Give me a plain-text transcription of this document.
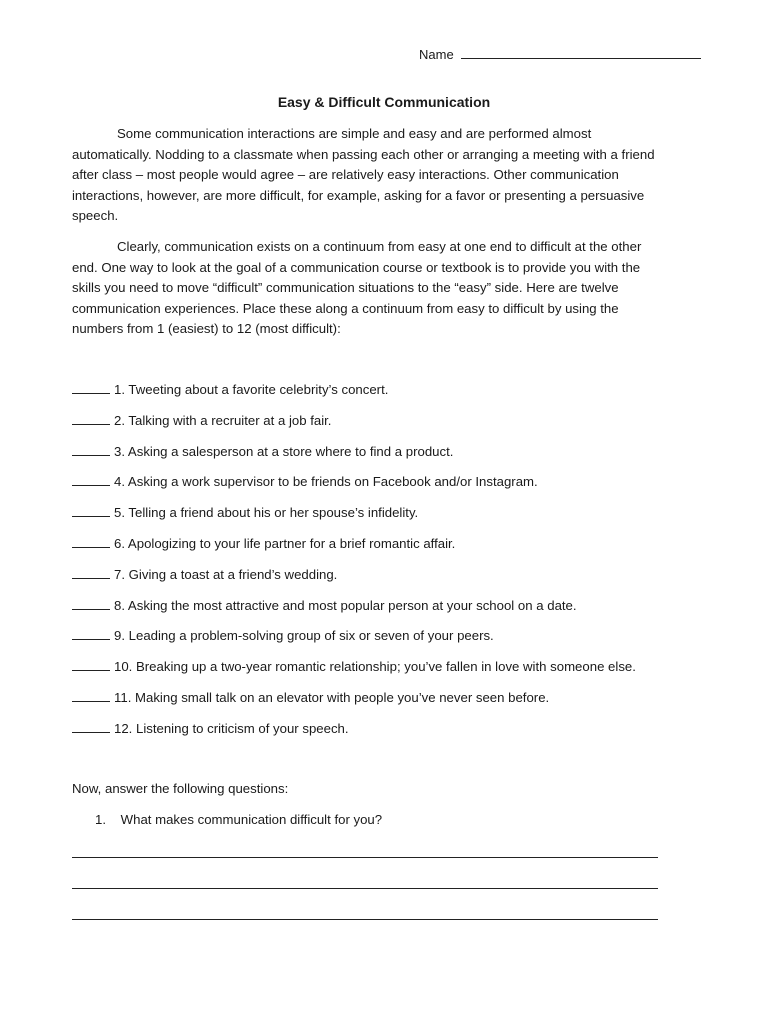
Name
Easy & Difficult Communication

Some communication interactions are simple and easy and are performed almost
automatically. Nodding to a classmate when passing each other or arranging a meeting with a friend
after class – most people would agree – are relatively easy interactions. Other communication
interactions, however, are more difficult, for example, asking for a favor or presenting a persuasive
speech.

Clearly, communication exists on a continuum from easy at one end to difficult at the other
end. One way to look at the goal of a communication course or textbook is to provide you with the
skills you need to move “difficult” communication situations to the “easy” side. Here are twelve
communication experiences. Place these along a continuum from easy to difficult by using the
numbers from 1 (easiest) to 12 (most difficult):

1. Tweeting about a favorite celebrity’s concert.
2. Talking with a recruiter at a job fair.
3. Asking a salesperson at a store where to find a product.
4. Asking a work supervisor to be friends on Facebook and/or Instagram.
5. Telling a friend about his or her spouse’s infidelity.
6. Apologizing to your life partner for a brief romantic affair.
7. Giving a toast at a friend’s wedding.
8. Asking the most attractive and most popular person at your school on a date.
9. Leading a problem-solving group of six or seven of your peers.
10. Breaking up a two-year romantic relationship; you’ve fallen in love with someone else.
11. Making small talk on an elevator with people you’ve never seen before.
12. Listening to criticism of your speech.
Now, answer the following questions:
1. What makes communication difficult for you?
